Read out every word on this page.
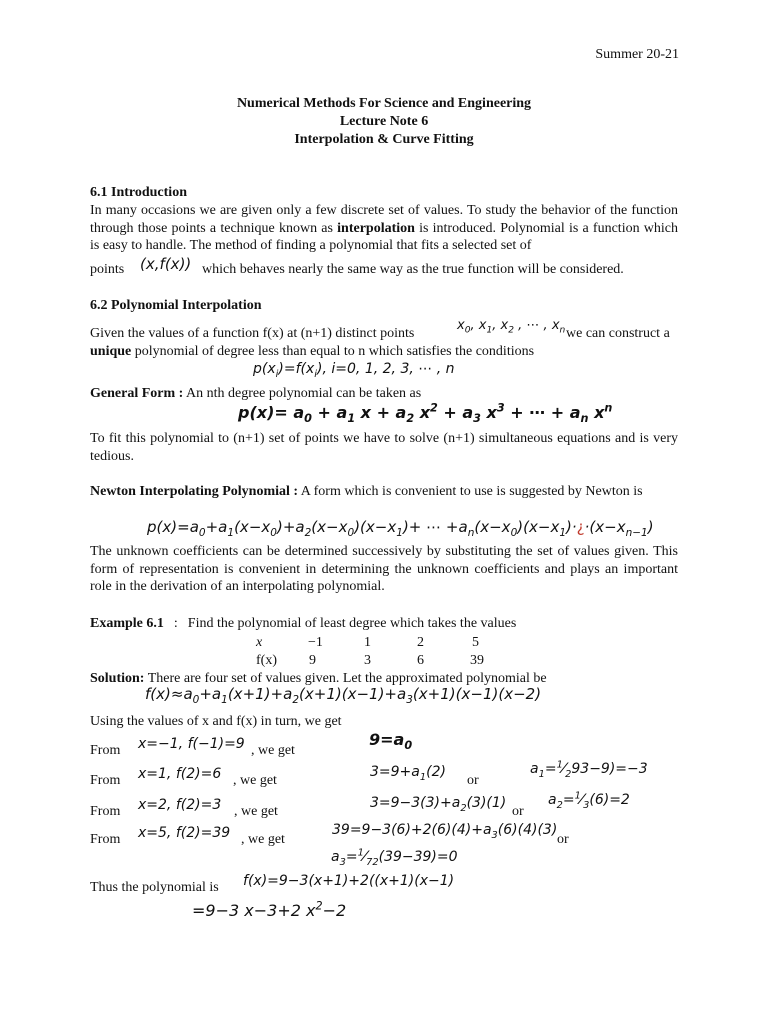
Summer 20-21
Numerical Methods For Science and Engineering
Lecture Note 6
Interpolation & Curve Fitting
6.1 Introduction
In many occasions we are given only a few discrete set of values. To study the behavior of the function through those points a technique known as interpolation is introduced. Polynomial is a function which is easy to handle. The method of finding a polynomial that fits a selected set of
points (x,f(x)) which behaves nearly the same way as the true function will be considered.
6.2 Polynomial Interpolation
Given the values of a function f(x) at (n+1) distinct points
$x_0$, $x_1$, $x_2$ , ⋯ , $x_n$ we can construct a
unique polynomial of degree less than equal to n which satisfies the conditions
$p(x_i)=f(x_i)$, i=0, 1, 2, 3, ⋯ , n
General Form : An nth degree polynomial can be taken as
$p(x)= a_0 + a_1$ $x + a_2$ $x^2 + a_3$ $x^3$ + ⋯ + $a_n$ $x^n$
To fit this polynomial to (n+1) set of points we have to solve (n+1) simultaneous equations and is very tedious.
Newton Interpolating Polynomial : A form which is convenient to use is suggested by Newton is
$p(x)=a_0+a_1(x-x_0)+a_2(x-x_0)(x-x_1)+$ ⋯ $+a_n(x-x_0)(x-x_1)\cdot¿\cdot(x-x_{n-1})$
The unknown coefficients can be determined successively by substituting the set of values given. This form of representation is convenient in determining the unknown coefficients and plays an important role in the derivation of an interpolating polynomial.
Example 6.1 : Find the polynomial of least degree which takes the values
x	−1	1	2	5
f(x) 9	3	6	39
Solution: There are four set of values given. Let the approximated polynomial be
$f(x)\approx a_0+a_1(x+1)+a_2(x+1)(x-1)+a_3(x+1)(x-1)(x-2)$
Using the values of x and f(x) in turn, we get
From x=−1, f(−1)=9 , we get
$9=a_0$
From x=1, f(2)=6 , we get
$3=9+a_1(2)$
or
$a_1=^1⁄_293-9)=-3$
From x=2, f(2)=3 , we get
$3=9-3(3)+a_2(3)(1)$
or
$a_2=^1⁄_3(6)=2$
From x=5, f(2)=39 , we get
$39=9-3(6)+2(6)(4)+a_3(6)(4)(3)$
or
$a_3=^1⁄_{72}(39-39)=0$
Thus the polynomial is f(x)=9−3(x+1)+2((x+1)(x−1)
=9−3 x−3+2 $x^2-2$
